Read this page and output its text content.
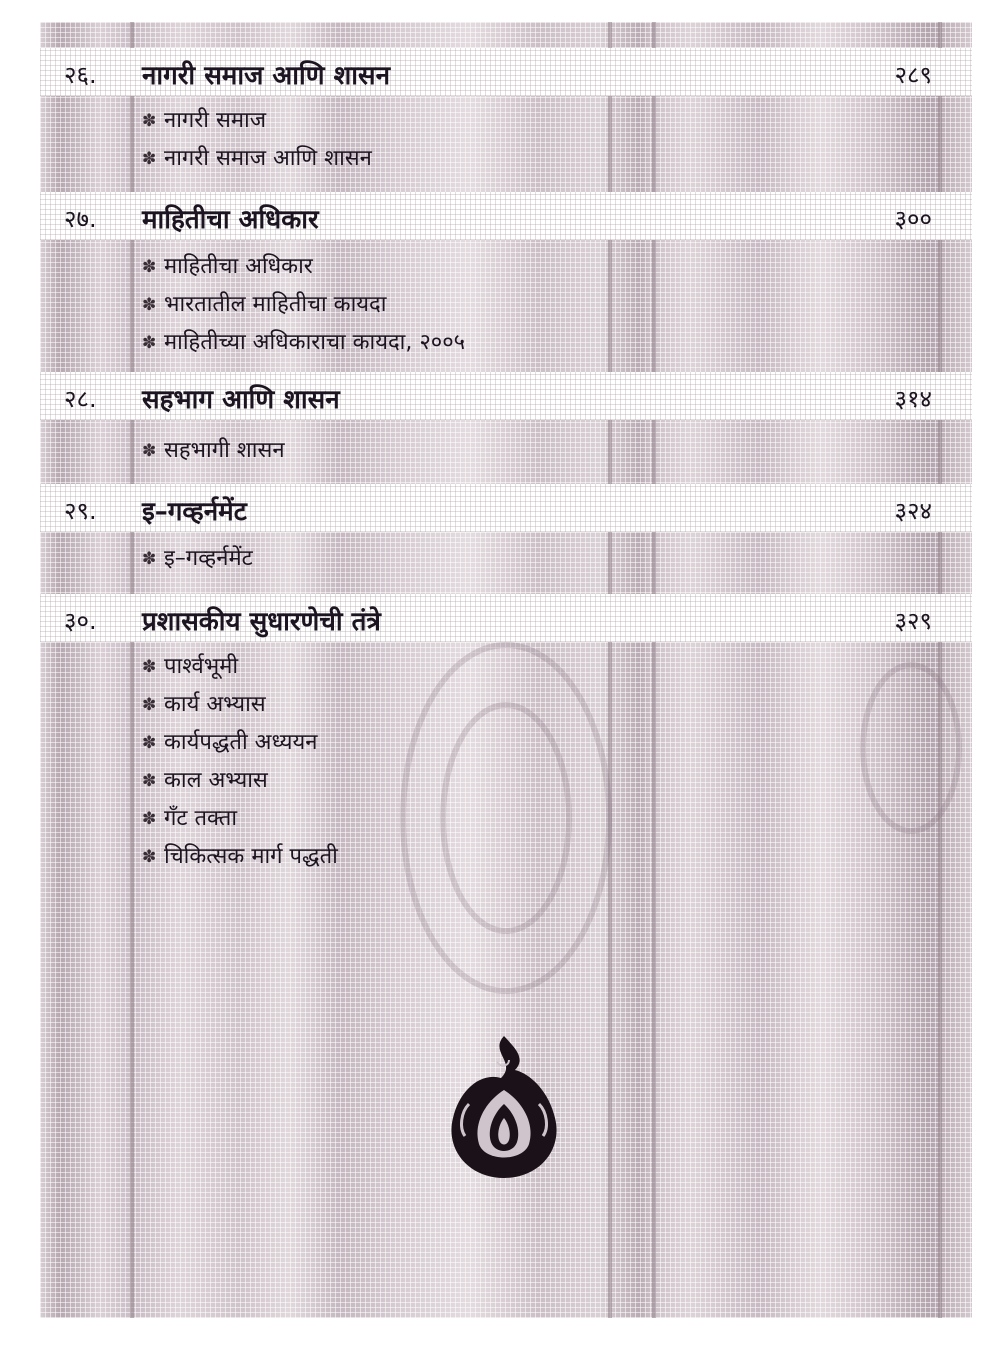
२६. नागरी समाज आणि शासन	२८९
✽ नागरी समाज
✽ नागरी समाज आणि शासन
२७. माहितीचा अधिकार	३००
✽ माहितीचा अधिकार
✽ भारतातील माहितीचा कायदा
✽ माहितीच्या अधिकाराचा कायदा, २००५
२८. सहभाग आणि शासन	३१४
✽ सहभागी शासन
२९. इ–गव्हर्नमेंट	३२४
✽ इ–गव्हर्नमेंट
३०. प्रशासकीय सुधारणेची तंत्रे	३२९
✽ पार्श्वभूमी
✽ कार्य अभ्यास
✽ कार्यपद्धती अध्ययन
✽ काल अभ्यास
✽ गँट तक्ता
✽ चिकित्सक मार्ग पद्धती
